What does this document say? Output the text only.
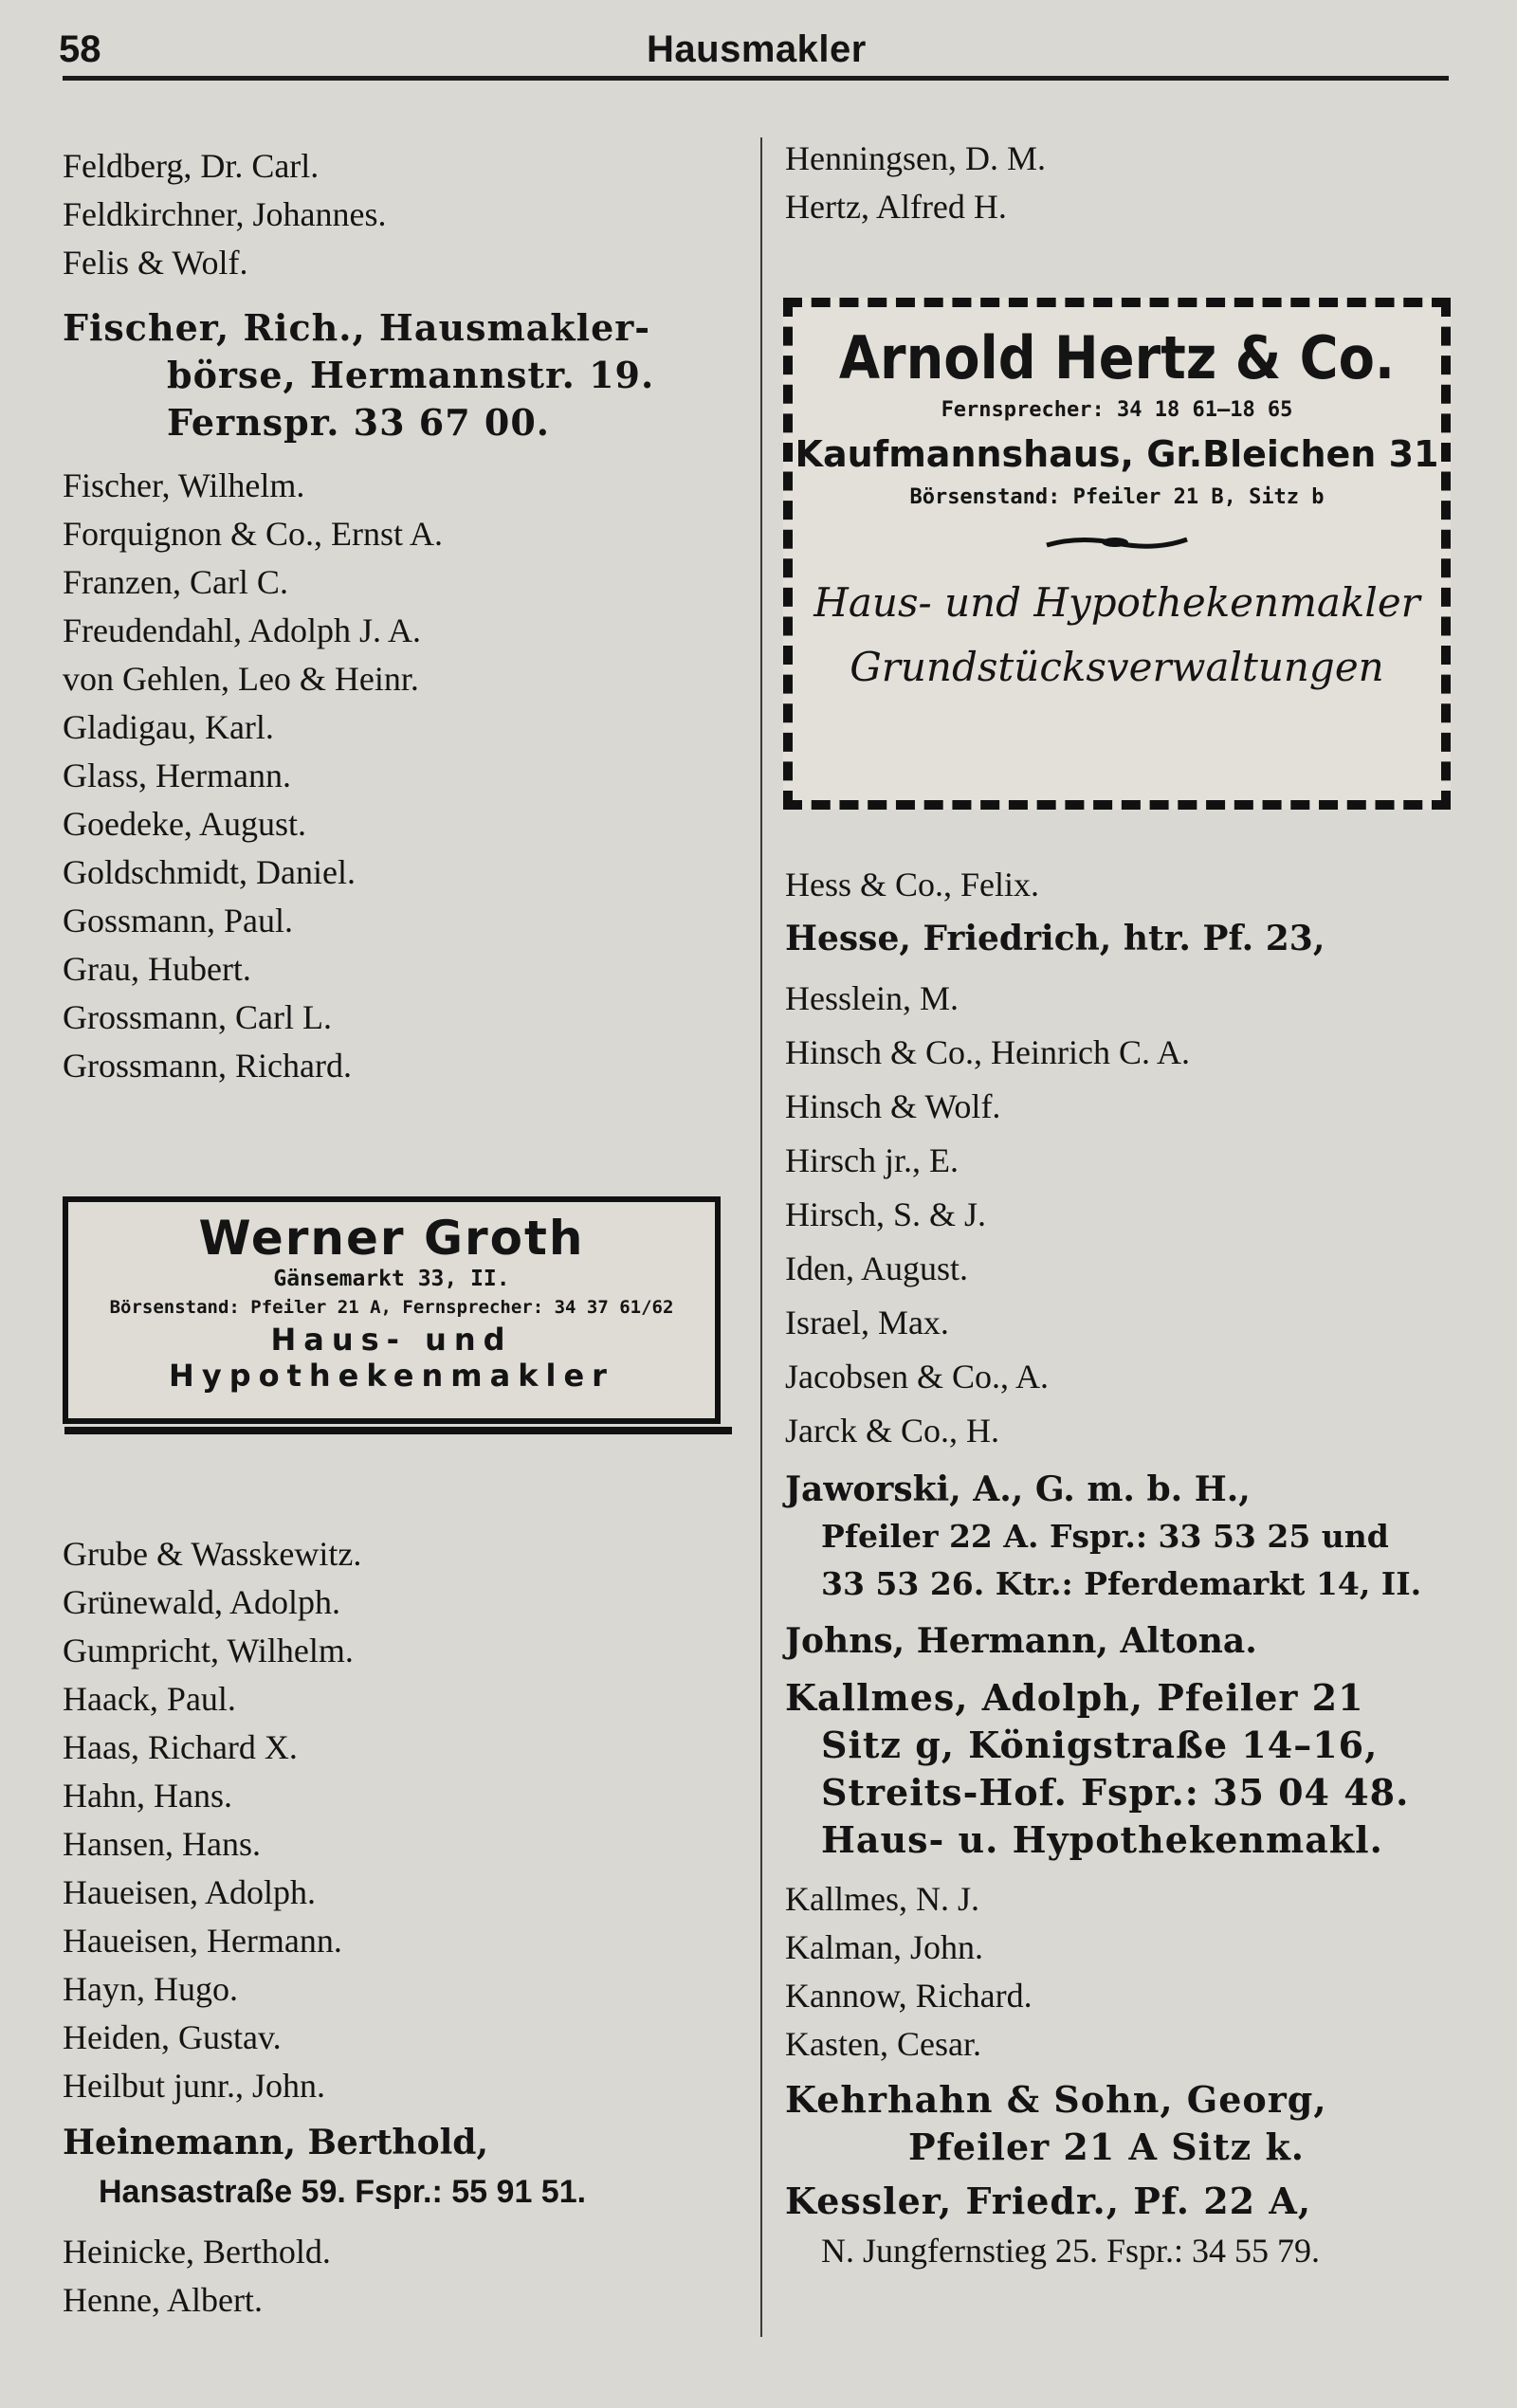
58	Hausmakler
Feldberg, Dr. Carl.
Feldkirchner, Johannes.
Felis & Wolf.
Fischer, Rich., Hausmakler-
börse, Hermannstr. 19.
Fernspr. 33 67 00.
Fischer, Wilhelm.
Forquignon & Co., Ernst A.
Franzen, Carl C.
Freudendahl, Adolph J. A.
von Gehlen, Leo & Heinr.
Gladigau, Karl.
Glass, Hermann.
Goedeke, August.
Goldschmidt, Daniel.
Gossmann, Paul.
Grau, Hubert.
Grossmann, Carl L.
Grossmann, Richard.
Werner Groth
Gänsemarkt 33, II.
Börsenstand: Pfeiler 21 A, Fernsprecher: 34 37 61/62
Haus- und
Hypothekenmakler
Grube & Wasskewitz.
Grünewald, Adolph.
Gumpricht, Wilhelm.
Haack, Paul.
Haas, Richard X.
Hahn, Hans.
Hansen, Hans.
Haueisen, Adolph.
Haueisen, Hermann.
Hayn, Hugo.
Heiden, Gustav.
Heilbut junr., John.
Heinemann, Berthold,
Hansastraße 59. Fspr.: 55 91 51.
Heinicke, Berthold.
Henne, Albert.
Henningsen, D. M.
Hertz, Alfred H.
Arnold Hertz & Co.
Fernsprecher: 34 18 61–18 65
Kaufmannshaus, Gr.Bleichen 31
Börsenstand: Pfeiler 21 B, Sitz b
Haus- und Hypothekenmakler
Grundstücksverwaltungen
Hess & Co., Felix.
Hesse, Friedrich, htr. Pf. 23,
Hesslein, M.
Hinsch & Co., Heinrich C. A.
Hinsch & Wolf.
Hirsch jr., E.
Hirsch, S. & J.
Iden, August.
Israel, Max.
Jacobsen & Co., A.
Jarck & Co., H.
Jaworski, A., G. m. b. H.,
Pfeiler 22 A. Fspr.: 33 53 25 und
33 53 26. Ktr.: Pferdemarkt 14, II.
Johns, Hermann, Altona.
Kallmes, Adolph, Pfeiler 21
Sitz g, Königstraße 14–16,
Streits-Hof. Fspr.: 35 04 48.
Haus- u. Hypothekenmakl.
Kallmes, N. J.
Kalman, John.
Kannow, Richard.
Kasten, Cesar.
Kehrhahn & Sohn, Georg,
Pfeiler 21 A Sitz k.
Kessler, Friedr., Pf. 22 A,
N. Jungfernstieg 25. Fspr.: 34 55 79.
